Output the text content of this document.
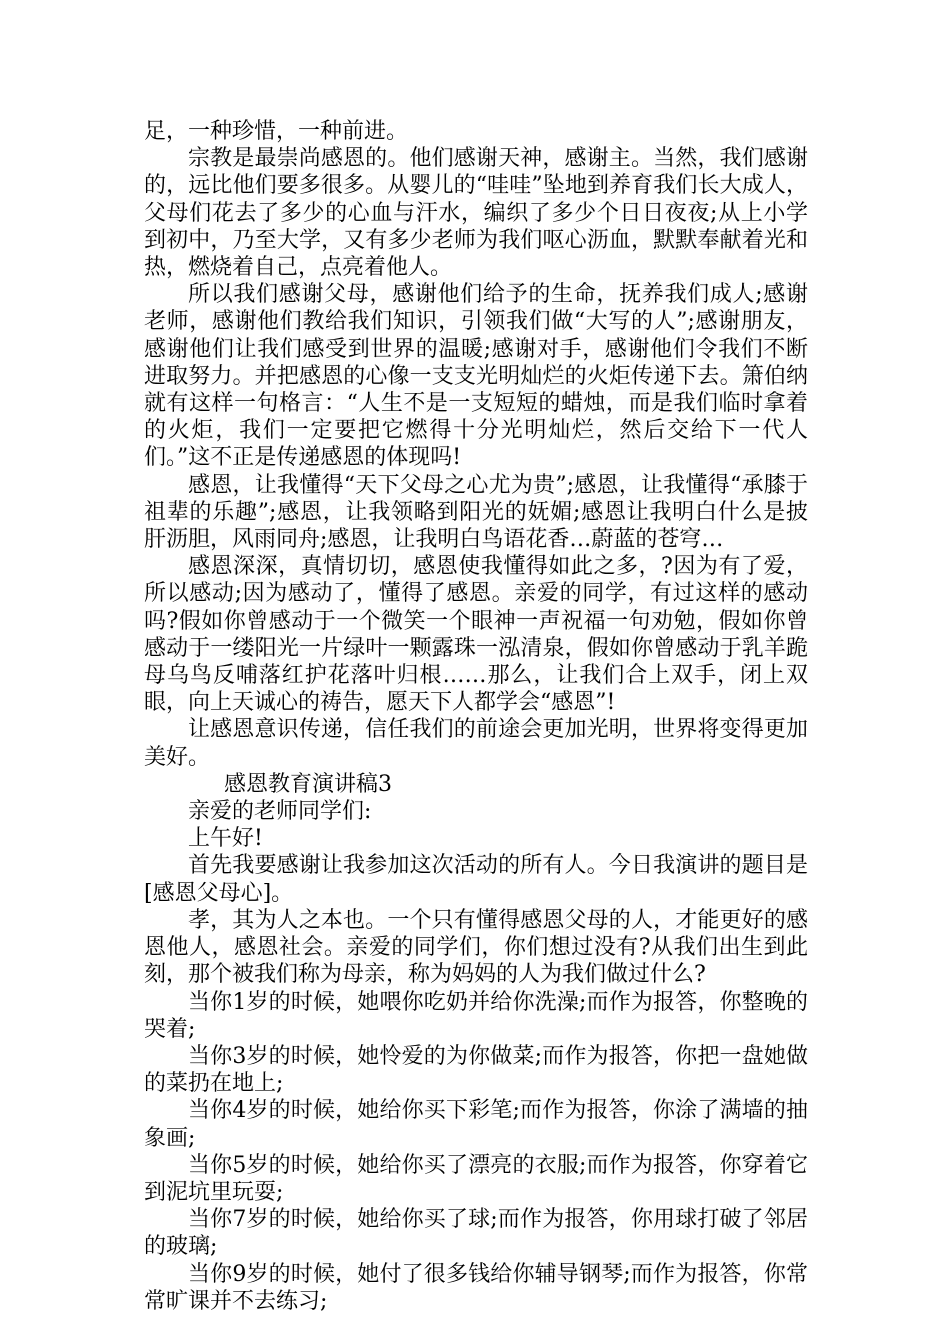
足，一种珍惜，一种前进。

宗教是最崇尚感恩的。他们感谢天神，感谢主。当然，我们感谢的，远比他们要多很多。从婴儿的“哇哇”坠地到养育我们长大成人，父母们花去了多少的心血与汗水，编织了多少个日日夜夜;从上小学到初中，乃至大学，又有多少老师为我们呕心沥血，默默奉献着光和热，燃烧着自己，点亮着他人。

所以我们感谢父母，感谢他们给予的生命，抚养我们成人;感谢老师，感谢他们教给我们知识，引领我们做“大写的人”;感谢朋友，感谢他们让我们感受到世界的温暖;感谢对手，感谢他们令我们不断进取努力。并把感恩的心像一支支光明灿烂的火炬传递下去。箫伯纳就有这样一句格言：“人生不是一支短短的蜡烛，而是我们临时拿着的火炬，我们一定要把它燃得十分光明灿烂，然后交给下一代人们。”这不正是传递感恩的体现吗!

感恩，让我懂得“天下父母之心尤为贵”;感恩，让我懂得“承膝于祖辈的乐趣”;感恩，让我领略到阳光的妩媚;感恩让我明白什么是披肝沥胆，风雨同舟;感恩，让我明白鸟语花香…蔚蓝的苍穹…

感恩深深，真情切切，感恩使我懂得如此之多，?因为有了爱，所以感动;因为感动了，懂得了感恩。亲爱的同学，有过这样的感动吗?假如你曾感动于一个微笑一个眼神一声祝福一句劝勉，假如你曾感动于一缕阳光一片绿叶一颗露珠一泓清泉，假如你曾感动于乳羊跪母乌鸟反哺落红护花落叶归根……那么，让我们合上双手，闭上双眼，向上天诚心的祷告，愿天下人都学会“感恩”!

让感恩意识传递，信任我们的前途会更加光明，世界将变得更加美好。

感恩教育演讲稿3

亲爱的老师同学们:

上午好!

首先我要感谢让我参加这次活动的所有人。今日我演讲的题目是[感恩父母心]。

孝，其为人之本也。一个只有懂得感恩父母的人，才能更好的感恩他人，感恩社会。亲爱的同学们，你们想过没有?从我们出生到此刻，那个被我们称为母亲，称为妈妈的人为我们做过什么?

当你1岁的时候，她喂你吃奶并给你洗澡;而作为报答，你整晚的哭着;

当你3岁的时候，她怜爱的为你做菜;而作为报答，你把一盘她做的菜扔在地上;

当你4岁的时候，她给你买下彩笔;而作为报答，你涂了满墙的抽象画;

当你5岁的时候，她给你买了漂亮的衣服;而作为报答，你穿着它到泥坑里玩耍;

当你7岁的时候，她给你买了球;而作为报答，你用球打破了邻居的玻璃;

当你9岁的时候，她付了很多钱给你辅导钢琴;而作为报答，你常常旷课并不去练习;
